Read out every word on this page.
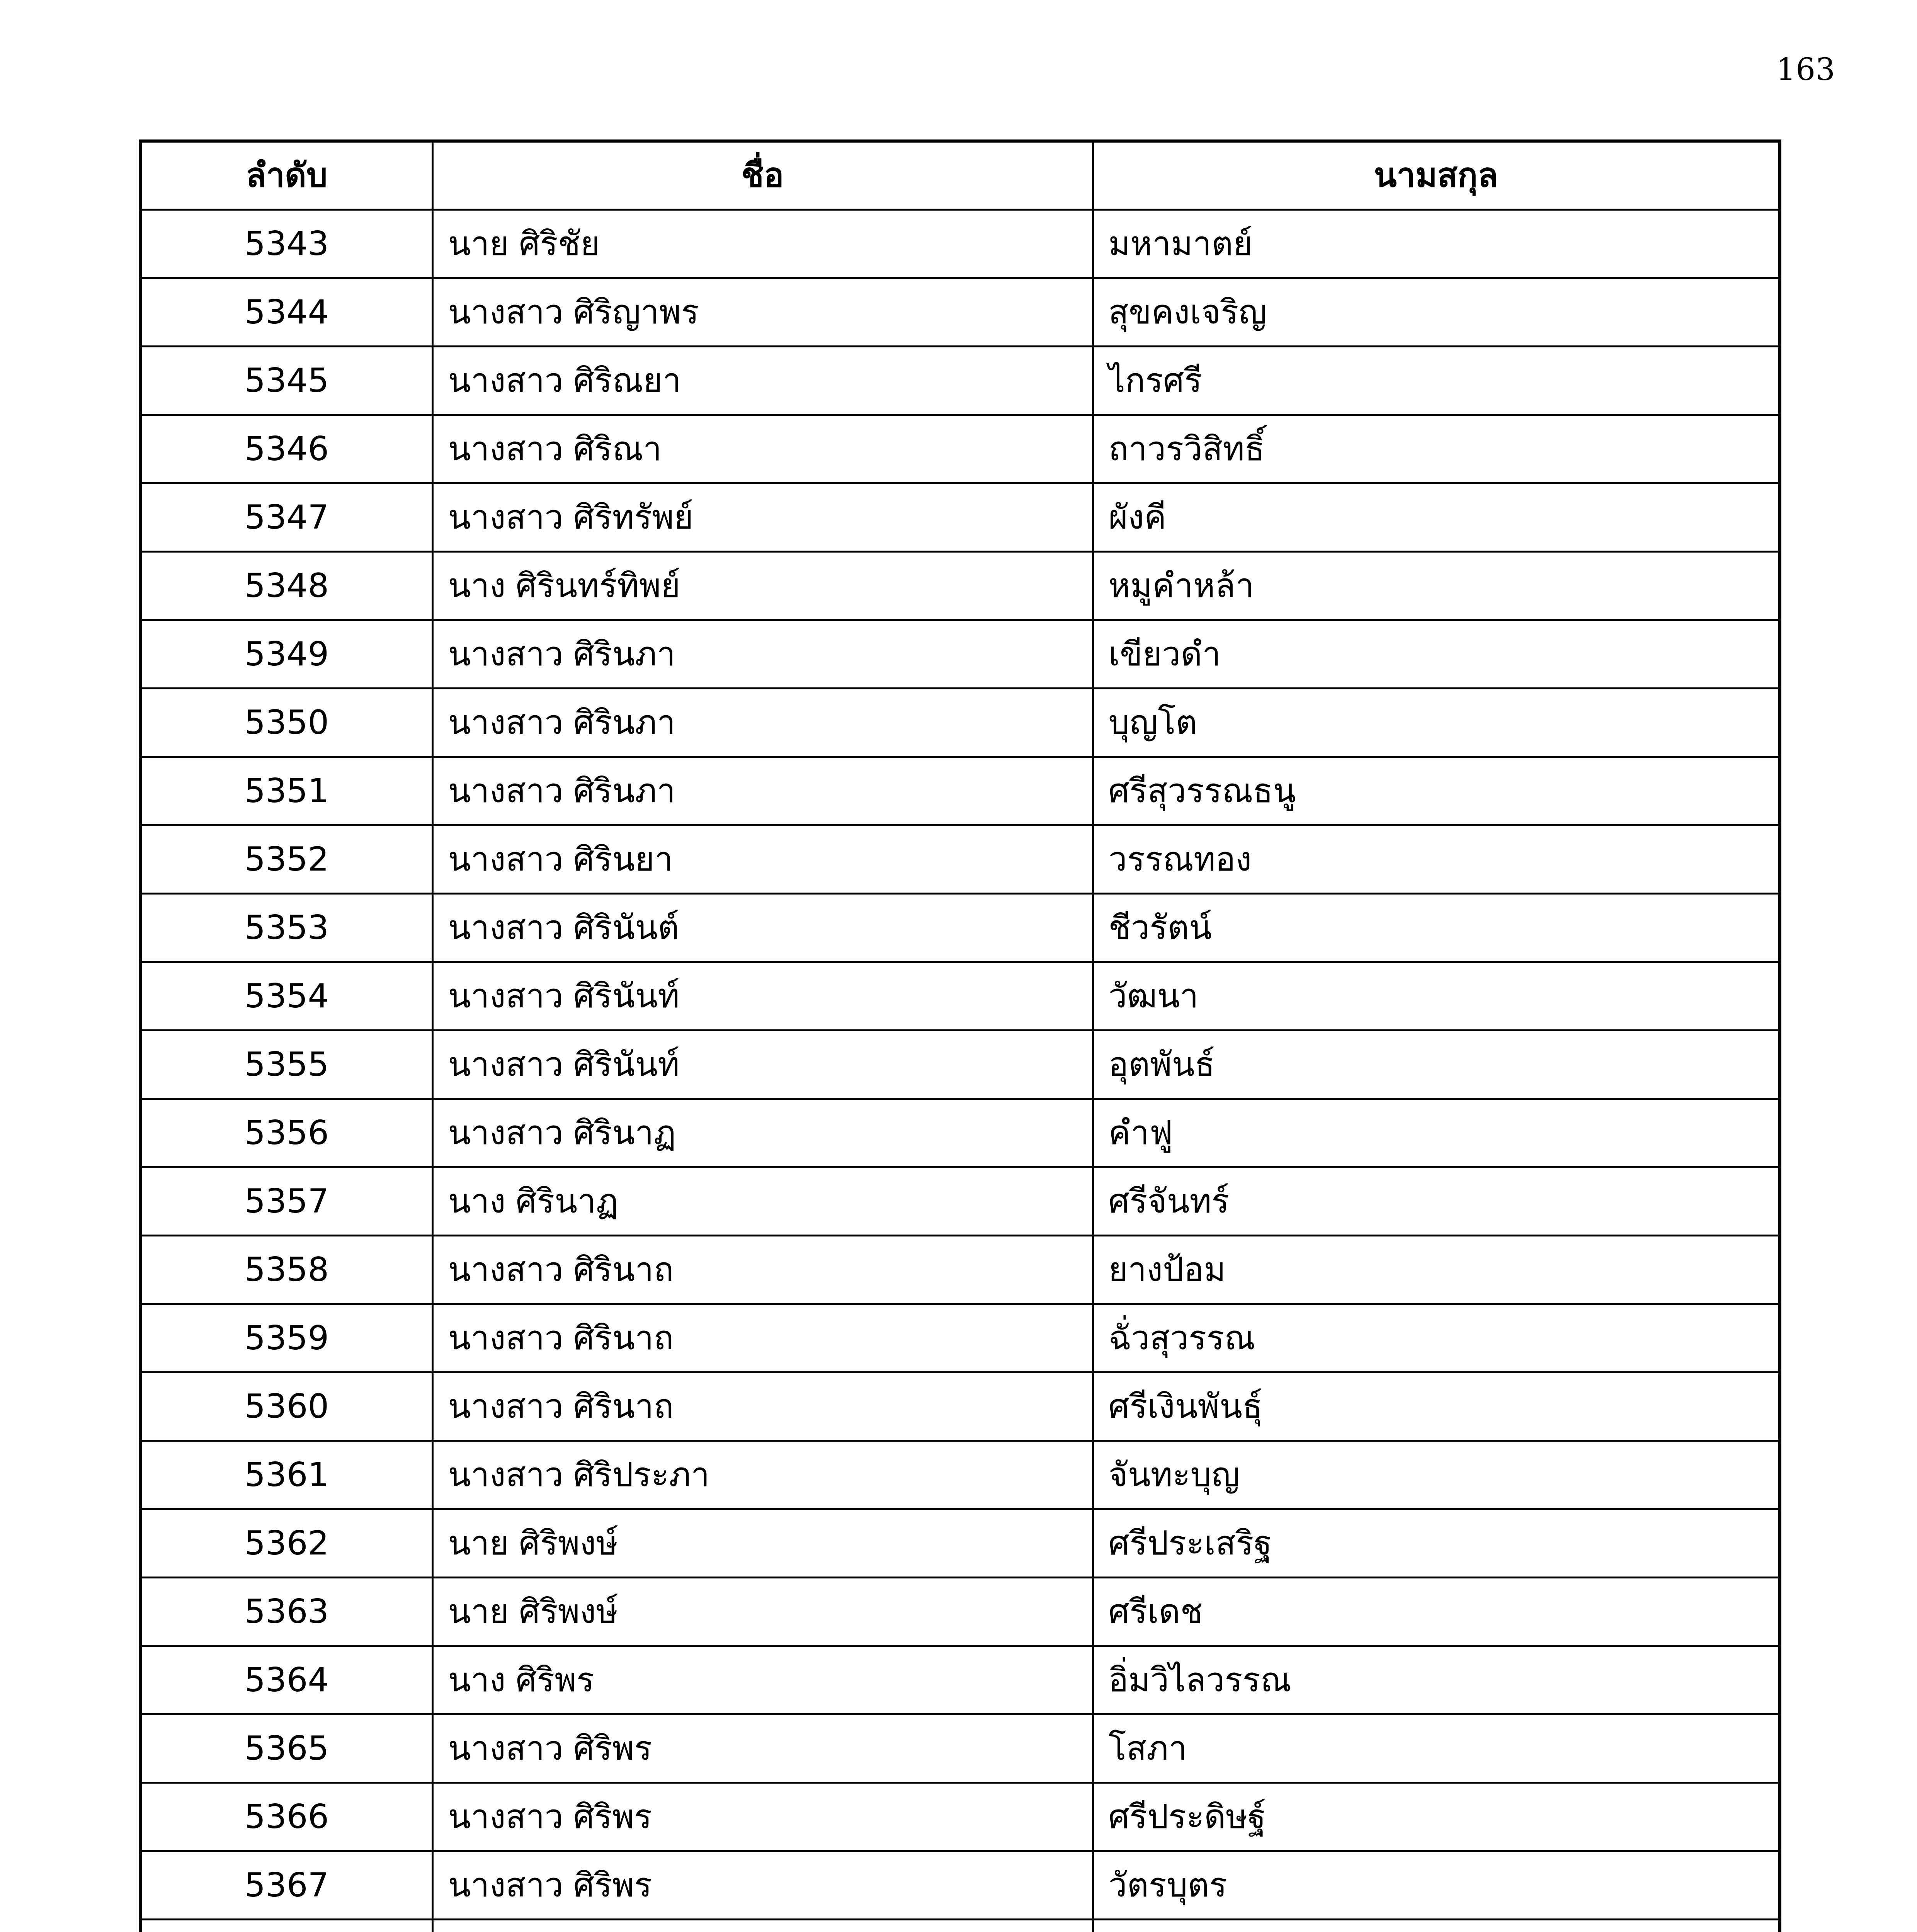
163
ลำดับ	ชื่อ	นามสกุล
5343	นาย ศิริชัย	มหามาตย์
5344	นางสาว ศิริญาพร	สุขคงเจริญ
5345	นางสาว ศิริณยา	ไกรศรี
5346	นางสาว ศิริณา	ถาวรวิสิทธิ์
5347	นางสาว ศิริทรัพย์	ผังคี
5348	นาง ศิรินทร์ทิพย์	หมูคำหล้า
5349	นางสาว ศิรินภา	เขียวดำ
5350	นางสาว ศิรินภา	บุญโต
5351	นางสาว ศิรินภา	ศรีสุวรรณธนู
5352	นางสาว ศิรินยา	วรรณทอง
5353	นางสาว ศิรินันต์	ชีวรัตน์
5354	นางสาว ศิรินันท์	วัฒนา
5355	นางสาว ศิรินันท์	อุตพันธ์
5356	นางสาว ศิรินาฏ	คำฟู
5357	นาง ศิรินาฏ	ศรีจันทร์
5358	นางสาว ศิรินาถ	ยางป้อม
5359	นางสาว ศิรินาถ	ฉั่วสุวรรณ
5360	นางสาว ศิรินาถ	ศรีเงินพันธุ์
5361	นางสาว ศิริประภา	จันทะบุญ
5362	นาย ศิริพงษ์	ศรีประเสริฐ
5363	นาย ศิริพงษ์	ศรีเดช
5364	นาง ศิริพร	อิ่มวิไลวรรณ
5365	นางสาว ศิริพร	โสภา
5366	นางสาว ศิริพร	ศรีประดิษฐ์
5367	นางสาว ศิริพร	วัตรบุตร
